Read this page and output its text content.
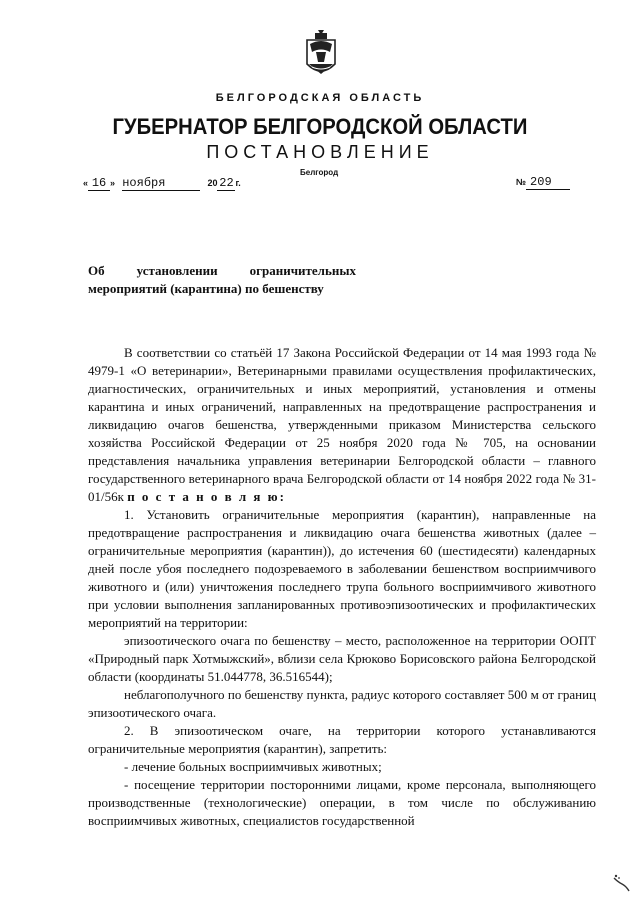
БЕЛГОРОДСКАЯ ОБЛАСТЬ
ГУБЕРНАТОР БЕЛГОРОДСКОЙ ОБЛАСТИ
ПОСТАНОВЛЕНИЕ
Белгород
« 16 » ноября	20 22 г.	№ 209
Об установлении ограничительных мероприятий (карантина) по бешенству

В соответствии со статьёй 17 Закона Российской Федерации от 14 мая 1993 года № 4979-1 «О ветеринарии», Ветеринарными правилами осуществления профилактических, диагностических, ограничительных и иных мероприятий, установления и отмены карантина и иных ограничений, направленных на предотвращение распространения и ликвидацию очагов бешенства, утвержденными приказом Министерства сельского хозяйства Российской Федерации от 25 ноября 2020 года № 705, на основании представления начальника управления ветеринарии Белгородской области – главного государственного ветеринарного врача Белгородской области от 14 ноября 2022 года № 31-01/56к п о с т а н о в л я ю:

1. Установить ограничительные мероприятия (карантин), направленные на предотвращение распространения и ликвидацию очага бешенства животных (далее – ограничительные мероприятия (карантин)), до истечения 60 (шестидесяти) календарных дней после убоя последнего подозреваемого в заболевании бешенством восприимчивого животного и (или) уничтожения последнего трупа больного восприимчивого животного при условии выполнения запланированных противоэпизоотических и профилактических мероприятий на территории:

эпизоотического очага по бешенству – место, расположенное на территории ООПТ «Природный парк Хотмыжский», вблизи села Крюково Борисовского района Белгородской области (координаты 51.044778, 36.516544);

неблагополучного по бешенству пункта, радиус которого составляет 500 м от границ эпизоотического очага.

2. В эпизоотическом очаге, на территории которого устанавливаются ограничительные мероприятия (карантин), запретить:

- лечение больных восприимчивых животных;

- посещение территории посторонними лицами, кроме персонала, выполняющего производственные (технологические) операции, в том числе по обслуживанию восприимчивых животных, специалистов государственной
